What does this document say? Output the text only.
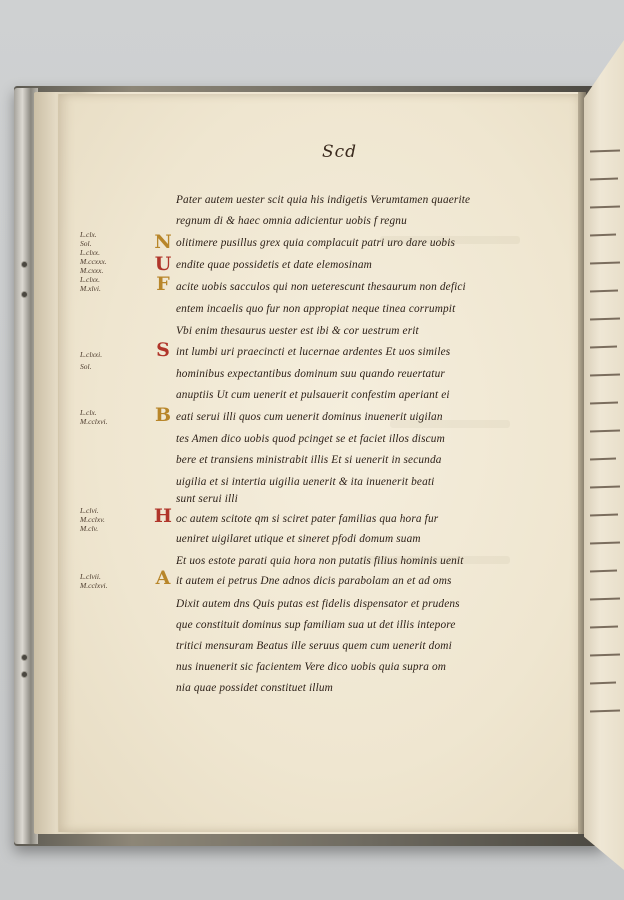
Scd
L.clx.
Sol.
L.clxx.
M.ccxxx.
M.cxxx.
L.clxx.
M.xlvi.
L.clxxi.
Sol.
L.clx.
M.cclxvi.
L.clvi.
M.cclxv.
M.clv.
L.clvii.
M.cclxvi.
N
U
F
S
B
H
A
Pater autem uester scit quia his indigetis Verumtamen quaerite
regnum di & haec omnia adicientur uobis f regnu
olitimere pusillus grex quia complacuit patri uro dare uobis
endite quae possidetis et date elemosinam
acite uobis sacculos qui non ueterescunt thesaurum non defici
entem incaelis quo fur non appropiat neque tinea corrumpit
Vbi enim thesaurus uester est ibi & cor uestrum erit
int lumbi uri praecincti et lucernae ardentes Et uos similes
hominibus expectantibus dominum suu quando reuertatur
anuptiis Ut cum uenerit et pulsauerit confestim aperiant ei
eati serui illi quos cum uenerit dominus inuenerit uigilan
tes Amen dico uobis quod pcinget se et faciet illos discum
bere et transiens ministrabit illis Et si uenerit in secunda
uigilia et si intertia uigilia uenerit & ita inuenerit beati
sunt serui illi
oc autem scitote qm si sciret pater familias qua hora fur
ueniret uigilaret utique et sineret pfodi domum suam
Et uos estote parati quia hora non putatis filius hominis uenit
it autem ei petrus Dne adnos dicis parabolam an et ad oms
Dixit autem dns Quis putas est fidelis dispensator et prudens
que constituit dominus sup familiam sua ut det illis intepore
tritici mensuram Beatus ille seruus quem cum uenerit domi
nus inuenerit sic facientem Vere dico uobis quia supra om
nia quae possidet constituet illum
